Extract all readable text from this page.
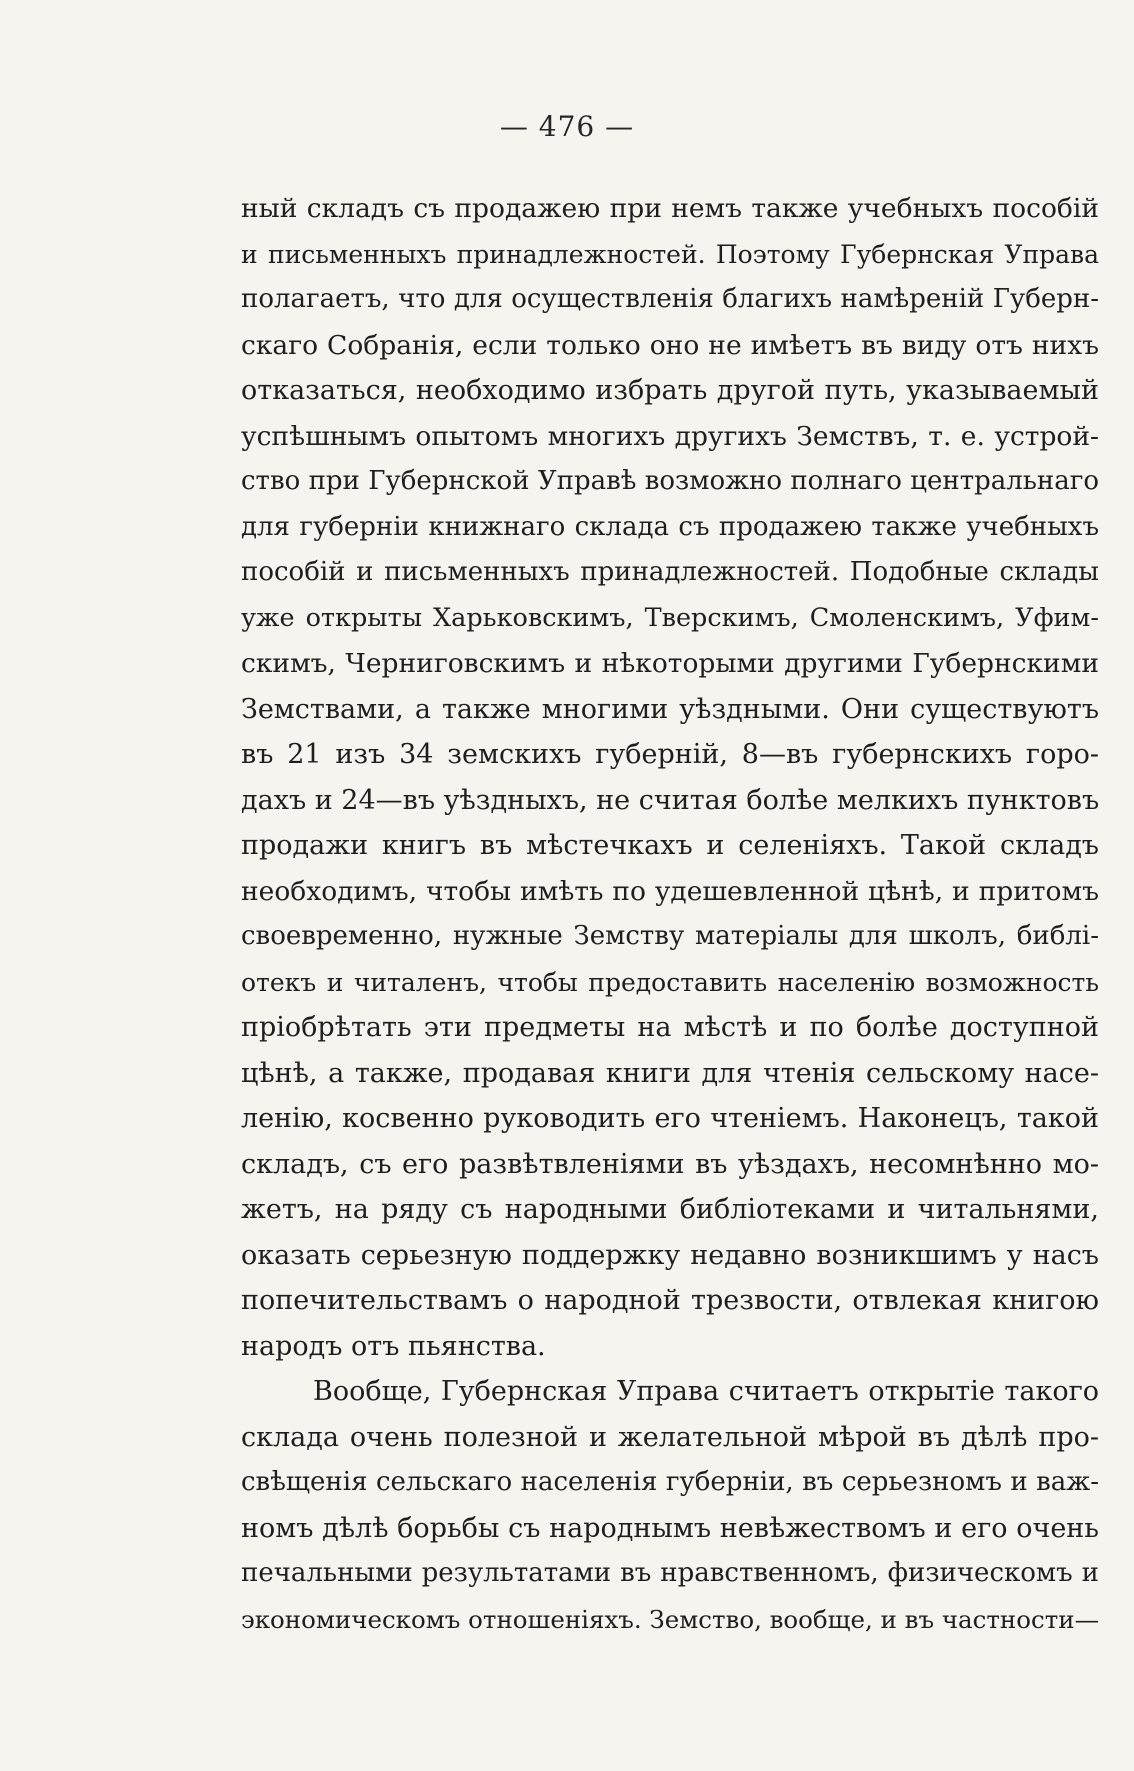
— 476 —
ный складъ съ продажею при немъ также учебныхъ пособій
и письменныхъ принадлежностей. Поэтому Губернская Управа
полагаетъ, что для осуществленія благихъ намѣреній Губерн-
скаго Собранія, если только оно не имѣетъ въ виду отъ нихъ
отказаться, необходимо избрать другой путь, указываемый
успѣшнымъ опытомъ многихъ другихъ Земствъ, т. е. устрой-
ство при Губернской Управѣ возможно полнаго центральнаго
для губерніи книжнаго склада съ продажею также учебныхъ
пособій и письменныхъ принадлежностей. Подобные склады
уже открыты Харьковскимъ, Тверскимъ, Смоленскимъ, Уфим-
скимъ, Черниговскимъ и нѣкоторыми другими Губернскими
Земствами, а также многими уѣздными. Они существуютъ
въ 21 изъ 34 земскихъ губерній, 8—въ губернскихъ горо-
дахъ и 24—въ уѣздныхъ, не считая болѣе мелкихъ пунктовъ
продажи книгъ въ мѣстечкахъ и селеніяхъ. Такой складъ
необходимъ, чтобы имѣть по удешевленной цѣнѣ, и притомъ
своевременно, нужные Земству матеріалы для школъ, библі-
отекъ и читаленъ, чтобы предоставить населенію возможность
пріобрѣтать эти предметы на мѣстѣ и по болѣе доступной
цѣнѣ, а также, продавая книги для чтенія сельскому насе-
ленію, косвенно руководить его чтеніемъ. Наконецъ, такой
складъ, съ его развѣтвленіями въ уѣздахъ, несомнѣнно мо-
жетъ, на ряду съ народными библіотеками и читальнями,
оказать серьезную поддержку недавно возникшимъ у насъ
попечительствамъ о народной трезвости, отвлекая книгою
народъ отъ пьянства.
Вообще, Губернская Управа считаетъ открытіе такого
склада очень полезной и желательной мѣрой въ дѣлѣ про-
свѣщенія сельскаго населенія губерніи, въ серьезномъ и важ-
номъ дѣлѣ борьбы съ народнымъ невѣжествомъ и его очень
печальными результатами въ нравственномъ, физическомъ и
экономическомъ отношеніяхъ. Земство, вообще, и въ частности—
